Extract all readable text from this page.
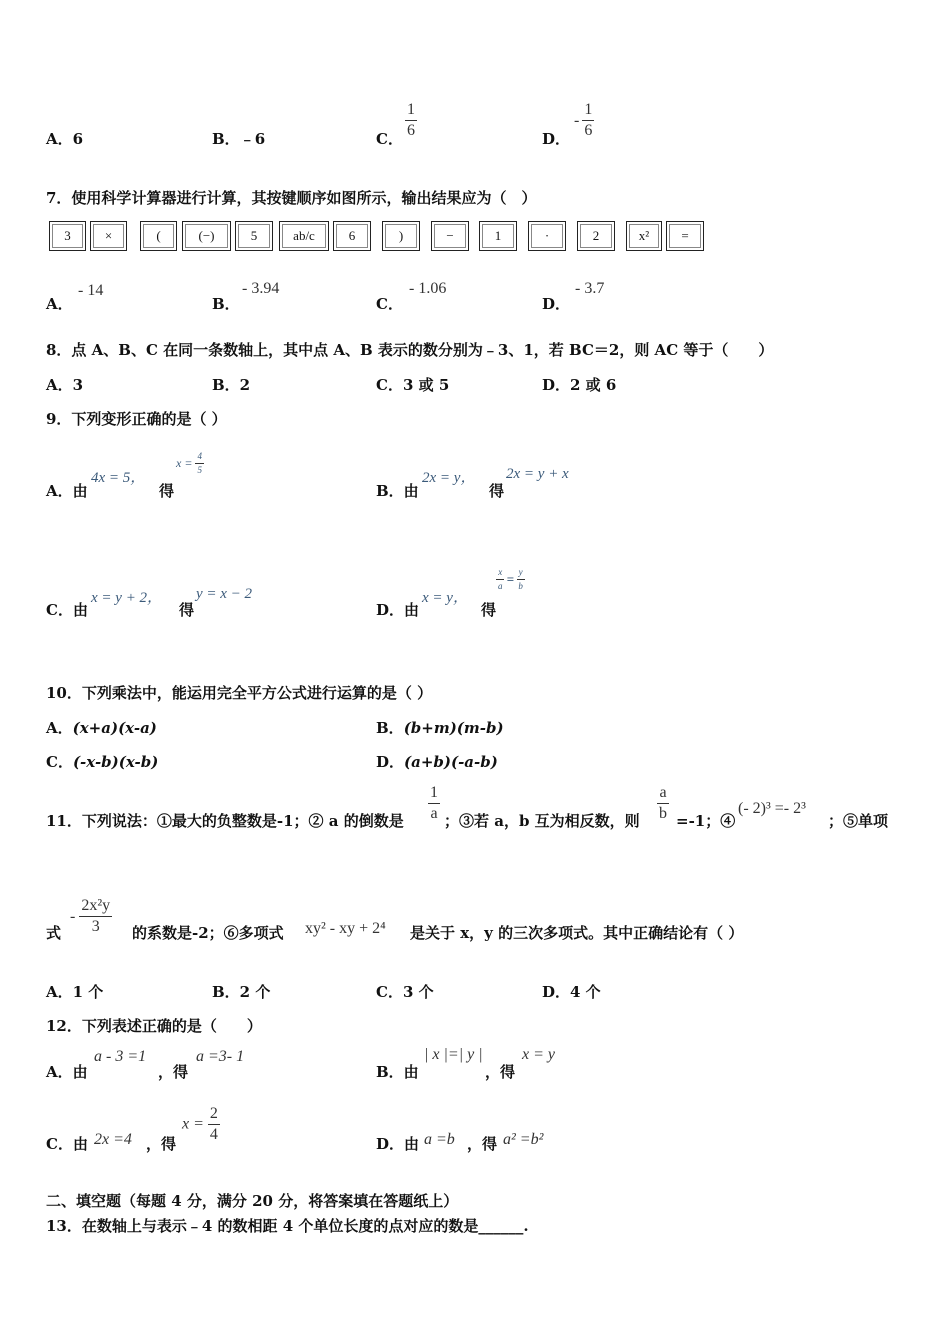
A．6	B．﹣6	C． $\frac{1}{6}$	D．
- $\frac{1}{6}$
7．使用科学计算器进行计算，其按键顺序如图所示，输出结果应为（　）
3	×	(	(−)	5	ab/c	6	)	−	1	·	2	x²	=
A．
- 14
B．
- 3.94
C．
- 1.06
D．
- 3.7
8．点 A、B、C 在同一条数轴上，其中点 A、B 表示的数分别为﹣3、1，若 BC＝2，则 AC 等于（　　）
A．3	B．2	C．3 或 5	D．2 或 6
9．下列变形正确的是（ ）
A．由
4x = 5，
得
$x = \frac{4}{5}$
B．由
2x = y，
得
2x = y + x
C．由
x = y + 2，
得
y = x − 2
D．由
x = y，
得
$\frac{x}{a} = \frac{y}{b}$
10．下列乘法中，能运用完全平方公式进行运算的是（ ）
A．(x+a)(x-a)	B．(b+m)(m-b)
C．(-x-b)(x-b)	D．(a+b)(-a-b)
11．下列说法：①最大的负整数是-1；② a 的倒数是 $\frac{1}{a}$ ；③若 a，b 互为相反数，则 $\frac{a}{b} =-1$；④
(- 2)³ =- 2³
；⑤单项
式
- $\frac{\text{2x²y}}{3}$ 的系数是-2；⑥多项式 xy² - xy + 2⁴ 是关于 x，y 的三次多项式。其中正确结论有（ ）
A．1 个	B．2 个	C．3 个	D．4 个
12．下列表述正确的是（　　）
A．由
a - 3 =1
，得
a =3- 1
B．由
| x |=| y |
，得
x = y
C．由 2x =4 ，得
$x = \frac{2}{4}$
D．由 a =b ，得 a² =b²
二、填空题（每题 4 分，满分 20 分，将答案填在答题纸上）
13．在数轴上与表示﹣4 的数相距 4 个单位长度的点对应的数是______.
